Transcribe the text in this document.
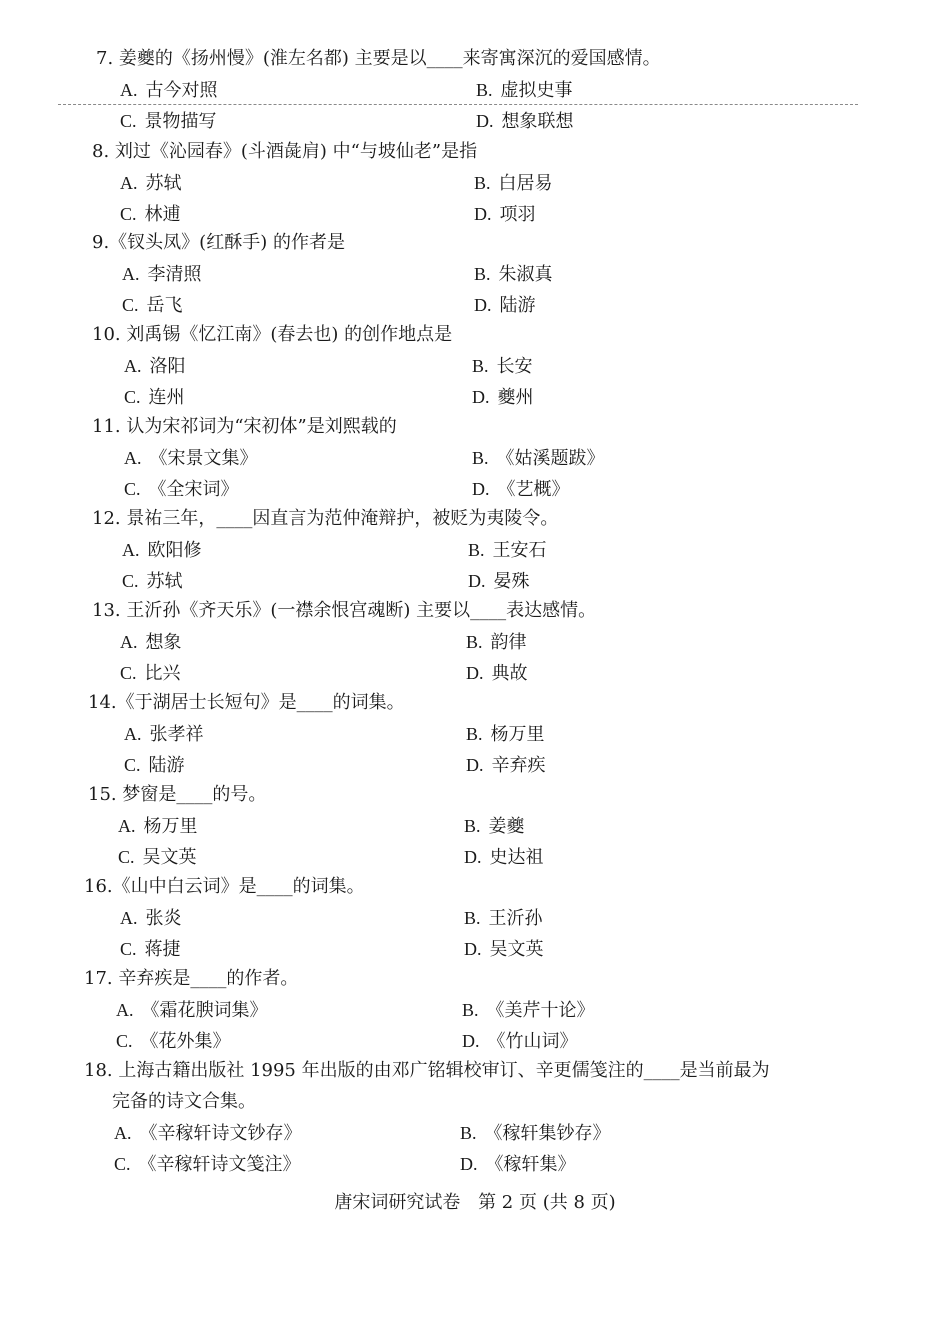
7. 姜夔的《扬州慢》(淮左名都) 主要是以____来寄寓深沉的爱国感情。
A. 古今对照	B. 虚拟史事
C. 景物描写	D. 想象联想
8. 刘过《沁园春》(斗酒彘肩) 中“与坡仙老”是指
A. 苏轼	B. 白居易
C. 林逋	D. 项羽
9.《钗头凤》(红酥手) 的作者是
A. 李清照	B. 朱淑真
C. 岳飞	D. 陆游
10. 刘禹锡《忆江南》(春去也) 的创作地点是
A. 洛阳	B. 长安
C. 连州	D. 夔州
11. 认为宋祁词为“宋初体”是刘熙载的
A. 《宋景文集》	B. 《姑溪题跋》
C. 《全宋词》	D. 《艺概》
12. 景祐三年，____因直言为范仲淹辩护，被贬为夷陵令。
A. 欧阳修	B. 王安石
C. 苏轼	D. 晏殊
13. 王沂孙《齐天乐》(一襟余恨宫魂断) 主要以____表达感情。
A. 想象	B. 韵律
C. 比兴	D. 典故
14.《于湖居士长短句》是____的词集。
A. 张孝祥	B. 杨万里
C. 陆游	D. 辛弃疾
15. 梦窗是____的号。
A. 杨万里	B. 姜夔
C. 吴文英	D. 史达祖
16.《山中白云词》是____的词集。
A. 张炎	B. 王沂孙
C. 蒋捷	D. 吴文英
17. 辛弃疾是____的作者。
A. 《霜花腴词集》	B. 《美芹十论》
C. 《花外集》	D. 《竹山词》
18. 上海古籍出版社 1995 年出版的由邓广铭辑校审订、辛更儒笺注的____是当前最为
完备的诗文合集。
A. 《辛稼轩诗文钞存》	B. 《稼轩集钞存》
C. 《辛稼轩诗文笺注》	D. 《稼轩集》
唐宋词研究试卷 第 2 页 (共 8 页)
